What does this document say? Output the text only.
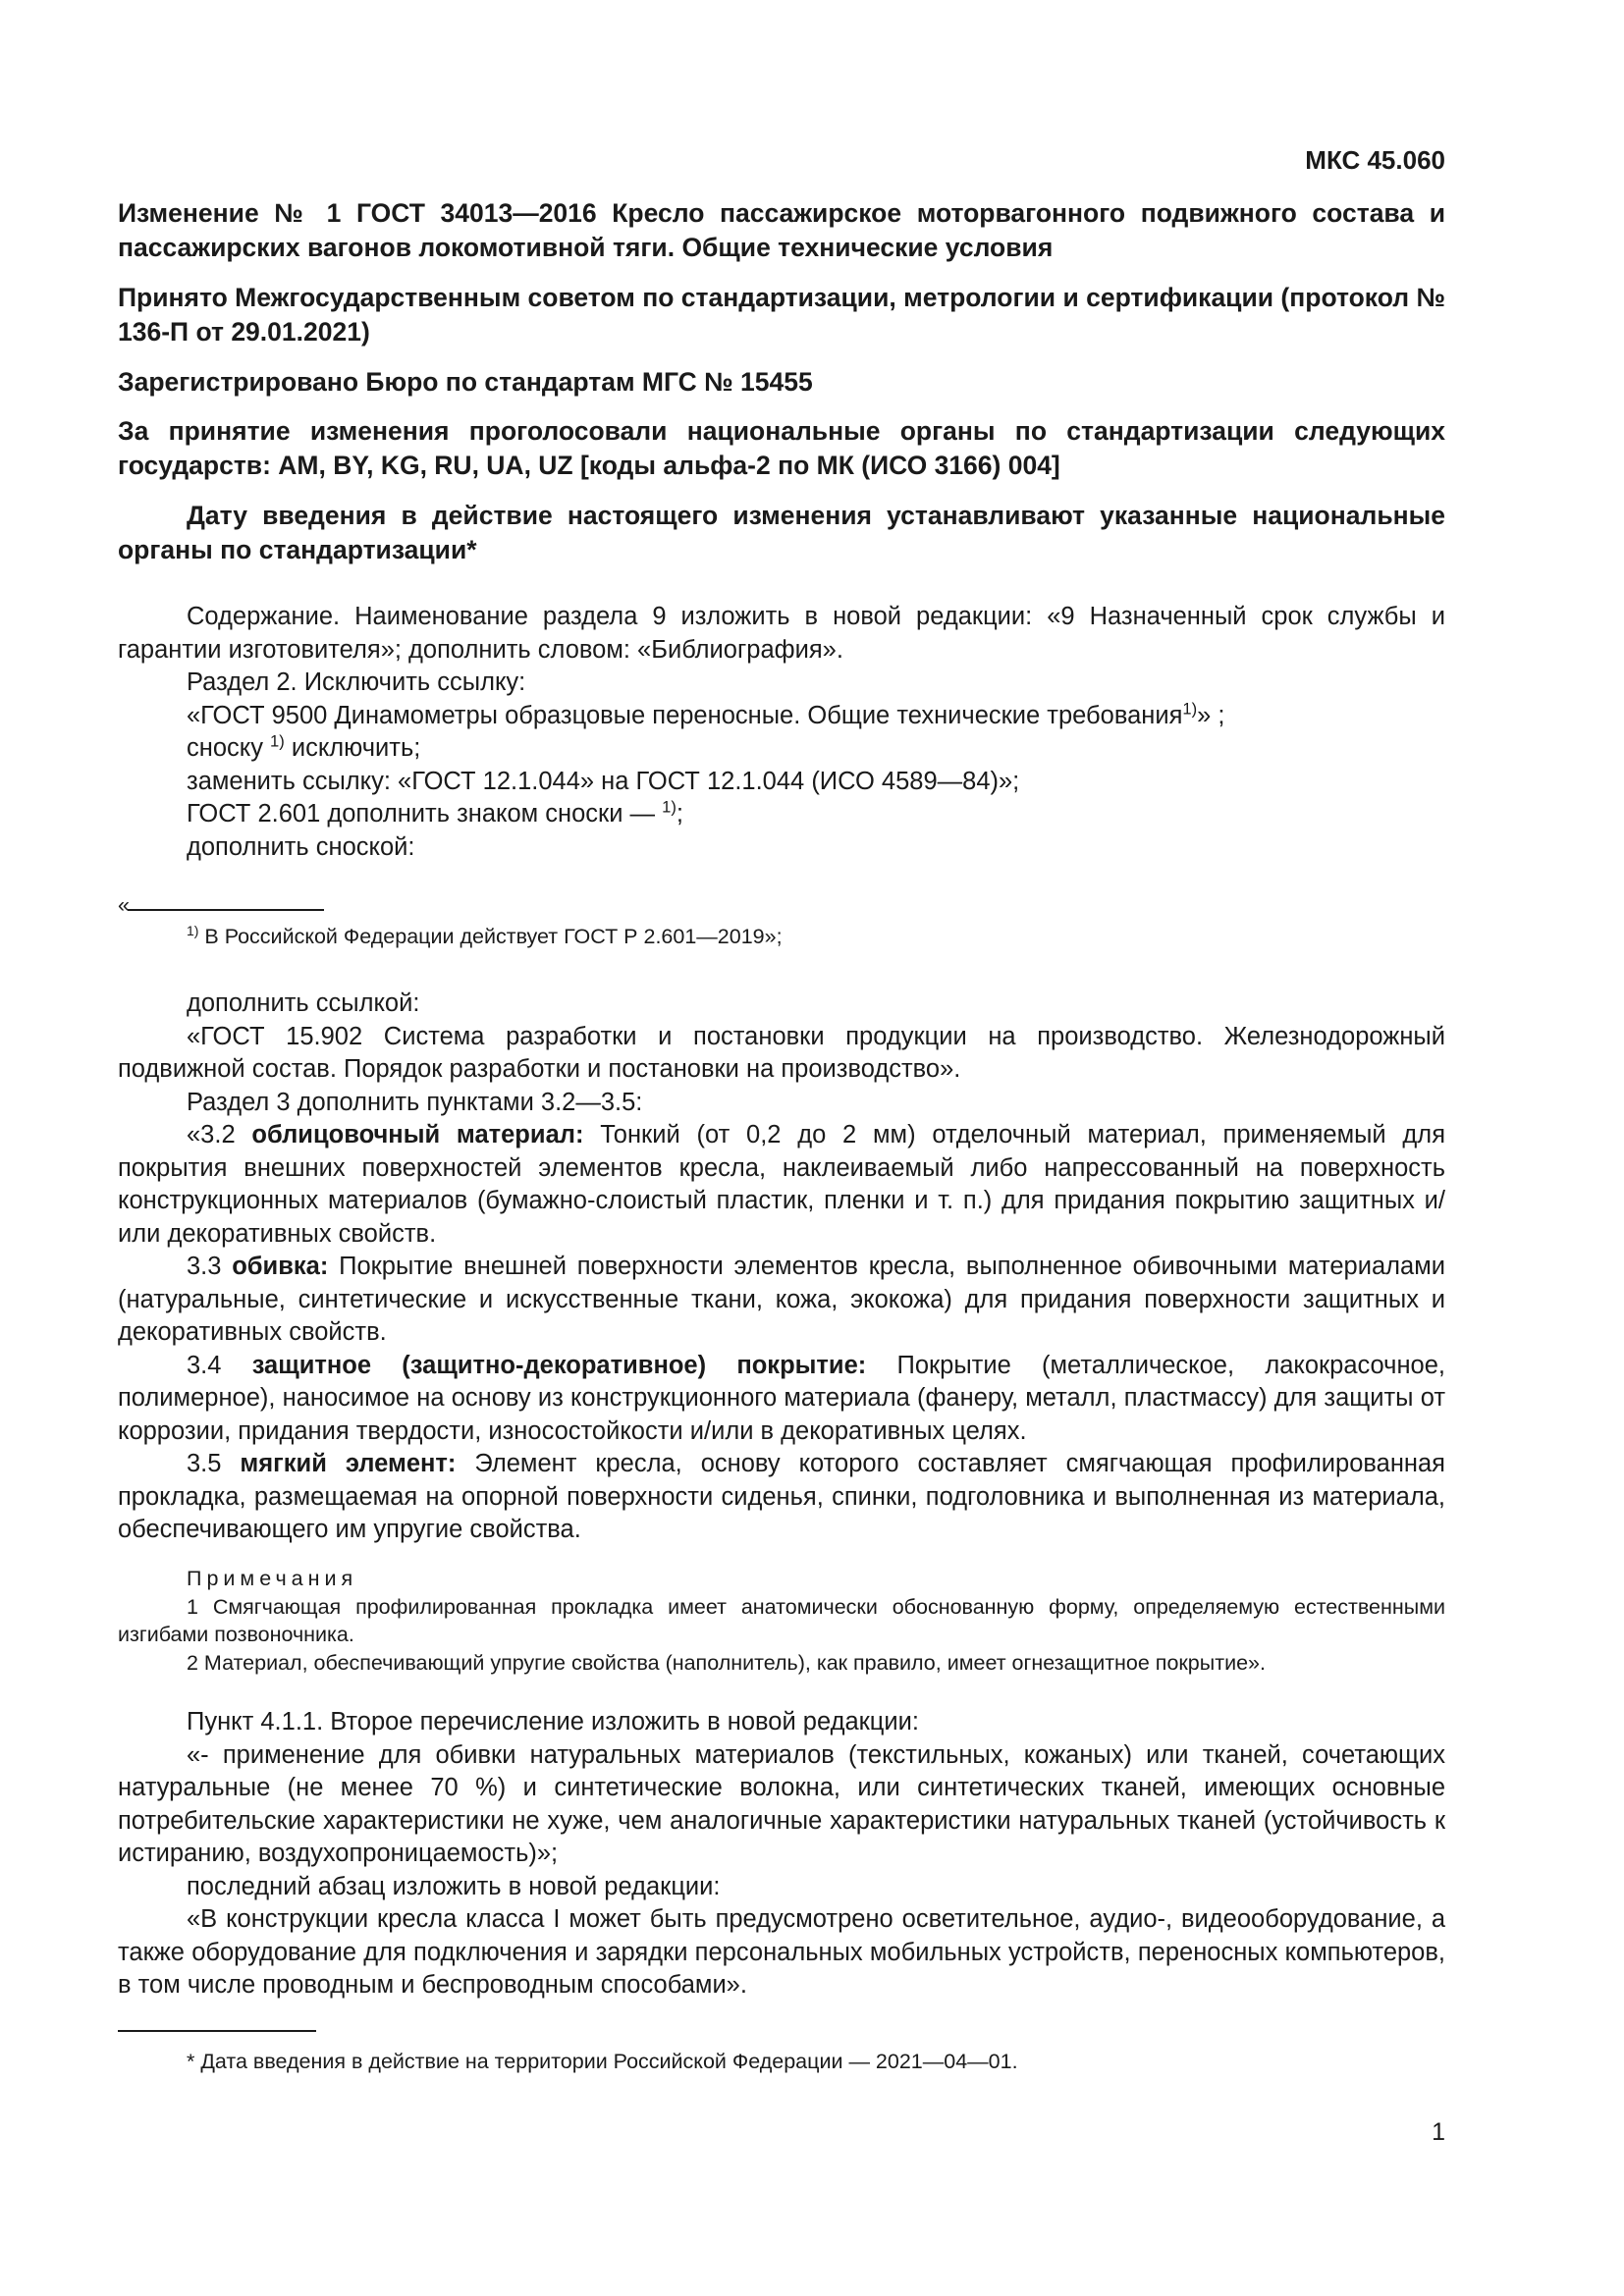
МКС 45.060
Изменение № 1 ГОСТ 34013—2016 Кресло пассажирское моторвагонного подвижного состава и пассажирских вагонов локомотивной тяги. Общие технические условия
Принято Межгосударственным советом по стандартизации, метрологии и сертификации (протокол № 136-П от 29.01.2021)
Зарегистрировано Бюро по стандартам МГС № 15455
За принятие изменения проголосовали национальные органы по стандартизации следующих государств: AM, BY, KG, RU, UA, UZ [коды альфа-2 по МК (ИСО 3166) 004]
Дату введения в действие настоящего изменения устанавливают указанные национальные органы по стандартизации*

Содержание. Наименование раздела 9 изложить в новой редакции: «9 Назначенный срок службы и гарантии изготовителя»; дополнить словом: «Библиография».

Раздел 2. Исключить ссылку:

«ГОСТ 9500 Динамометры образцовые переносные. Общие технические требования$^{1)}$» ;

сноску $^{1)}$ исключить;

заменить ссылку: «ГОСТ 12.1.044» на ГОСТ 12.1.044 (ИСО 4589—84)»;

ГОСТ 2.601 дополнить знаком сноски — $^{1)}$;

дополнить сноской:

«

$^{1)}$ В Российской Федерации действует ГОСТ Р 2.601—2019»;

дополнить ссылкой:

«ГОСТ 15.902 Система разработки и постановки продукции на производство. Железнодорожный подвижной состав. Порядок разработки и постановки на производство».

Раздел 3 дополнить пунктами 3.2—3.5:

«3.2 облицовочный материал: Тонкий (от 0,2 до 2 мм) отделочный материал, применяемый для покрытия внешних поверхностей элементов кресла, наклеиваемый либо напрессованный на поверхность конструкционных материалов (бумажно-слоистый пластик, пленки и т. п.) для придания покрытию защитных и/или декоративных свойств.

3.3 обивка: Покрытие внешней поверхности элементов кресла, выполненное обивочными материалами (натуральные, синтетические и искусственные ткани, кожа, экокожа) для придания поверхности защитных и декоративных свойств.

3.4 защитное (защитно-декоративное) покрытие: Покрытие (металлическое, лакокрасочное, полимерное), наносимое на основу из конструкционного материала (фанеру, металл, пластмассу) для защиты от коррозии, придания твердости, износостойкости и/или в декоративных целях.

3.5 мягкий элемент: Элемент кресла, основу которого составляет смягчающая профилированная прокладка, размещаемая на опорной поверхности сиденья, спинки, подголовника и выполненная из материала, обеспечивающего им упругие свойства.

Примечания

1 Смягчающая профилированная прокладка имеет анатомически обоснованную форму, определяемую естественными изгибами позвоночника.

2 Материал, обеспечивающий упругие свойства (наполнитель), как правило, имеет огнезащитное покрытие».

Пункт 4.1.1. Второе перечисление изложить в новой редакции:

«- применение для обивки натуральных материалов (текстильных, кожаных) или тканей, сочетающих натуральные (не менее 70 %) и синтетические волокна, или синтетических тканей, имеющих основные потребительские характеристики не хуже, чем аналогичные характеристики натуральных тканей (устойчивость к истиранию, воздухопроницаемость)»;

последний абзац изложить в новой редакции:

«В конструкции кресла класса I может быть предусмотрено осветительное, аудио-, видеооборудование, а также оборудование для подключения и зарядки персональных мобильных устройств, переносных компьютеров, в том числе проводным и беспроводным способами».

* Дата введения в действие на территории Российской Федерации — 2021—04—01.

1
